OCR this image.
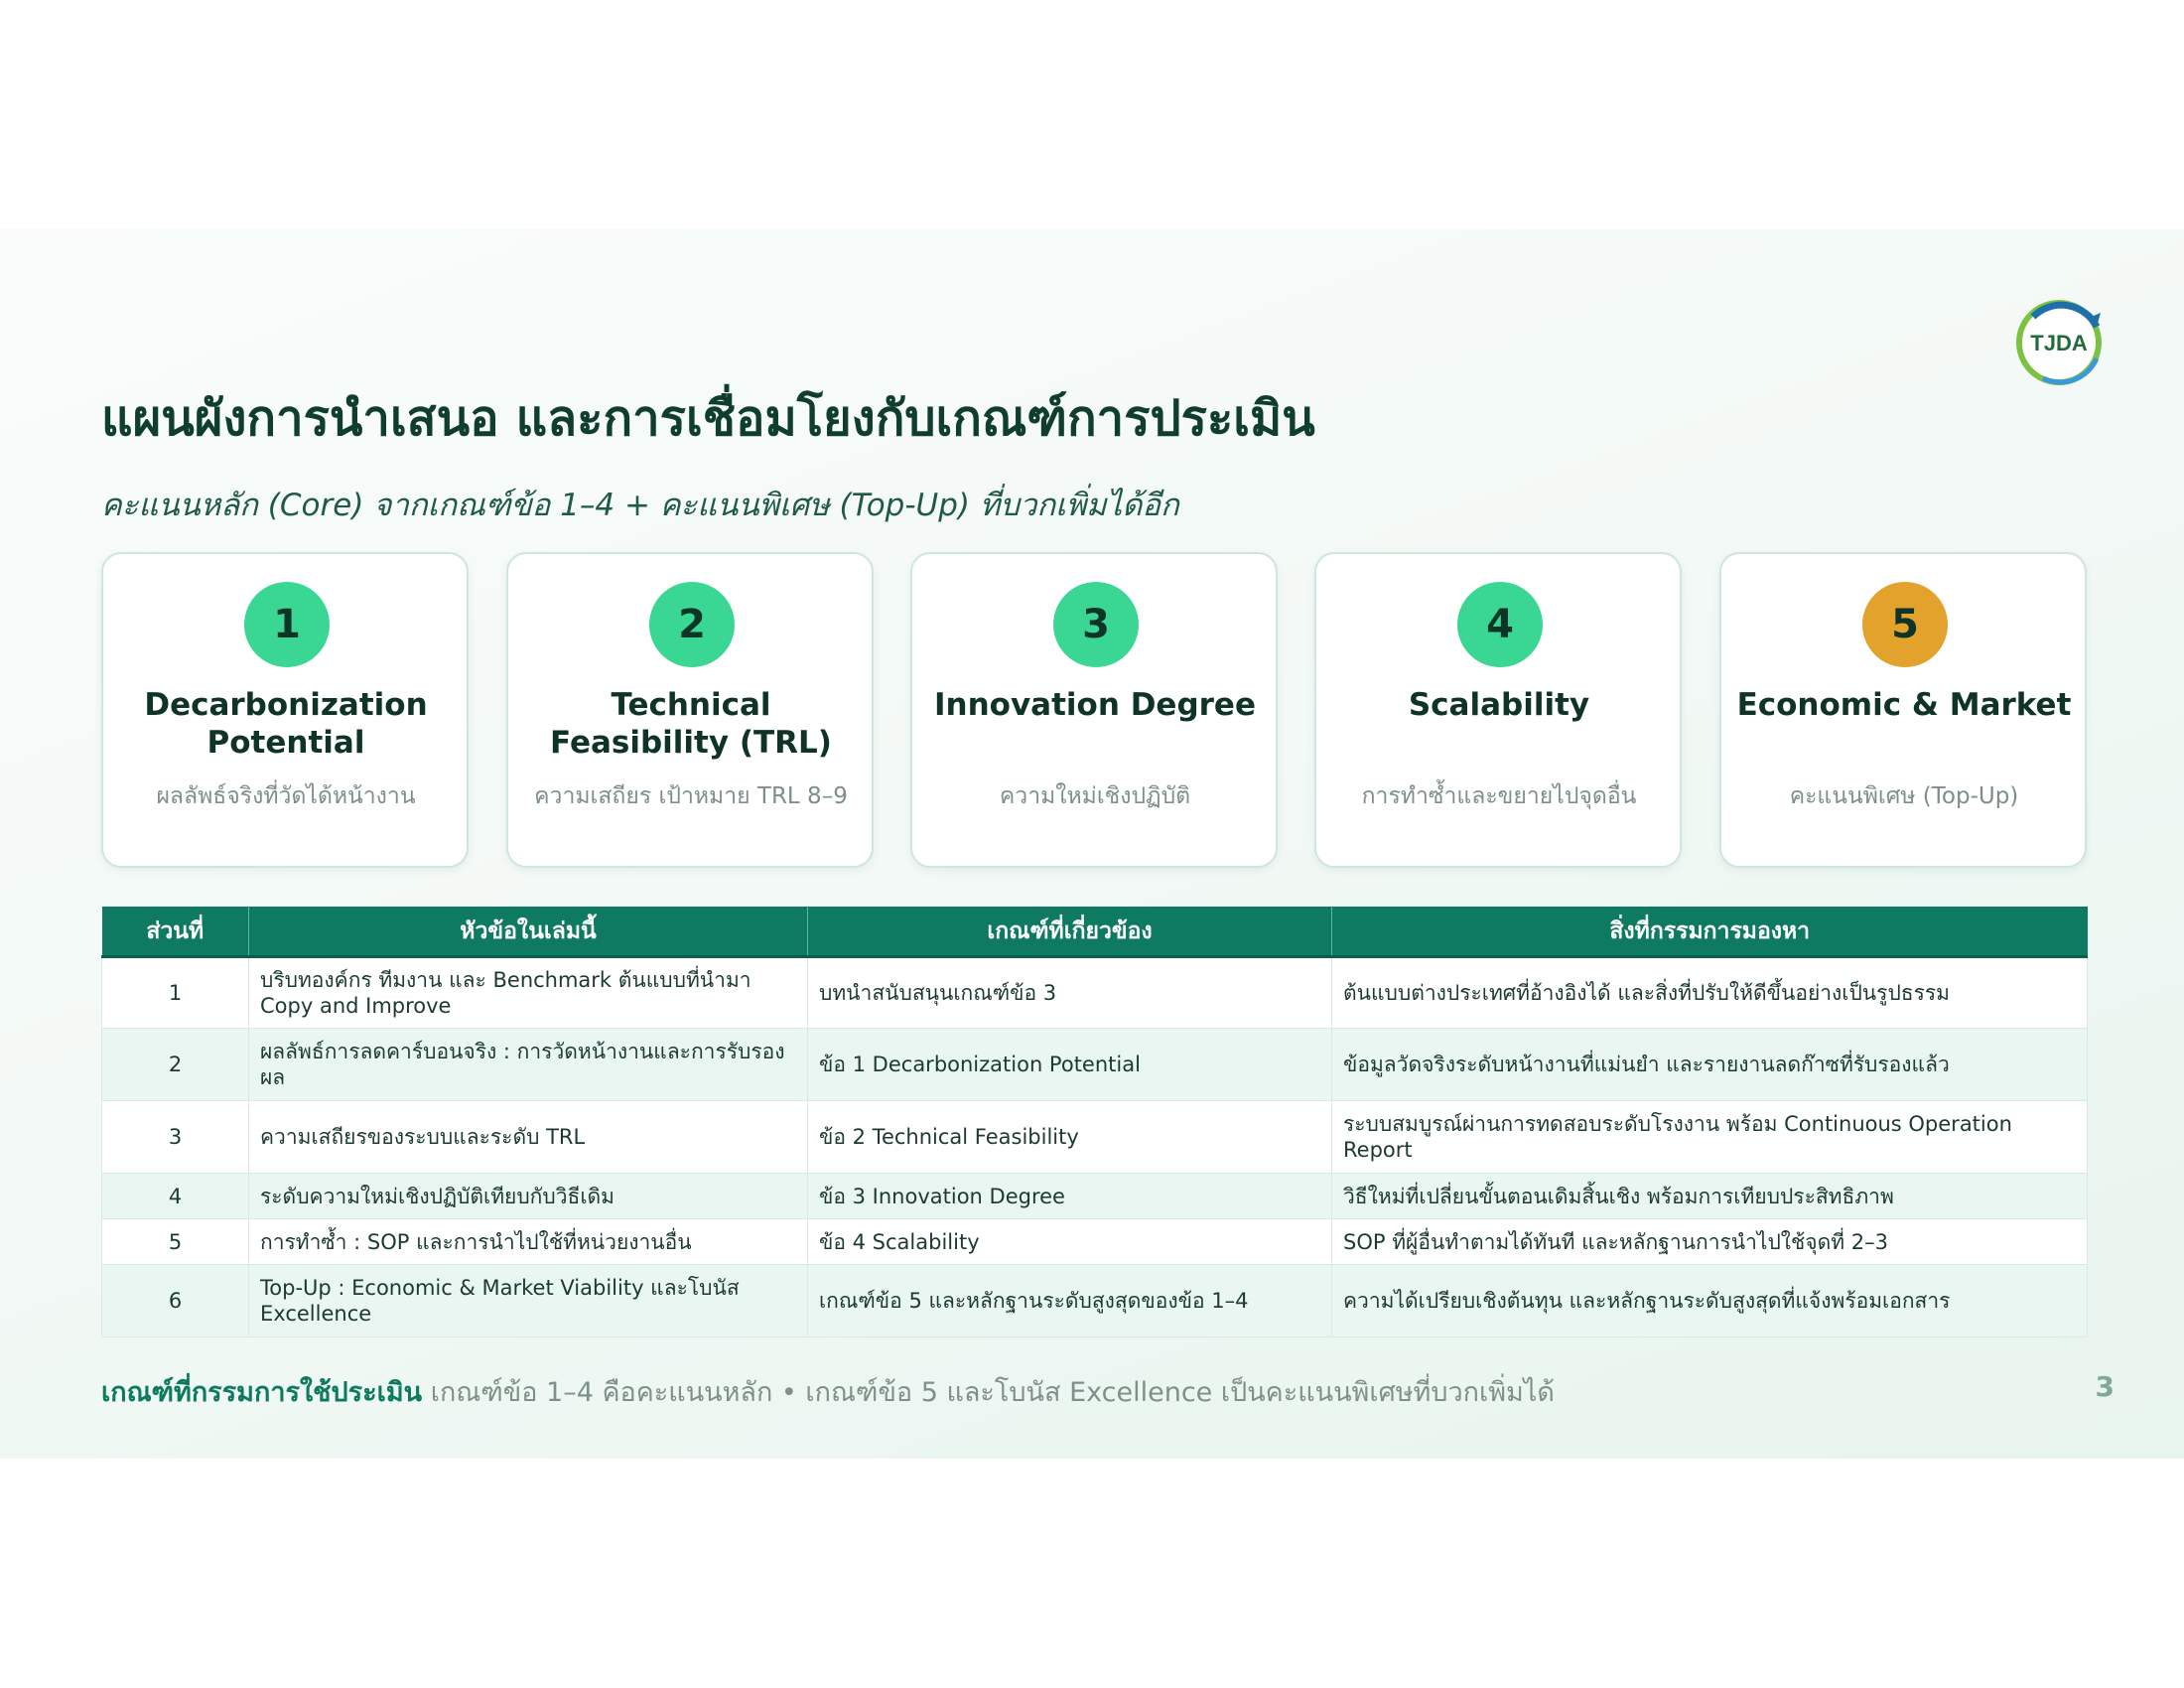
TJDA
แผนผังการนำเสนอ และการเชื่อมโยงกับเกณฑ์การประเมิน
คะแนนหลัก (Core) จากเกณฑ์ข้อ 1–4 + คะแนนพิเศษ (Top-Up) ที่บวกเพิ่มได้อีก
1
Decarbonization Potential
ผลลัพธ์จริงที่วัดได้หน้างาน
2
Technical Feasibility (TRL)
ความเสถียร เป้าหมาย TRL 8–9
3
Innovation Degree
ความใหม่เชิงปฏิบัติ
4
Scalability
การทำซ้ำและขยายไปจุดอื่น
5
Economic & Market
คะแนนพิเศษ (Top-Up)
ส่วนที่	หัวข้อในเล่มนี้	เกณฑ์ที่เกี่ยวข้อง	สิ่งที่กรรมการมองหา
1	บริบทองค์กร ทีมงาน และ Benchmark ต้นแบบที่นำมา Copy and Improve	บทนำสนับสนุนเกณฑ์ข้อ 3	ต้นแบบต่างประเทศที่อ้างอิงได้ และสิ่งที่ปรับให้ดีขึ้นอย่างเป็นรูปธรรม
2	ผลลัพธ์การลดคาร์บอนจริง : การวัดหน้างานและการรับรองผล	ข้อ 1 Decarbonization Potential	ข้อมูลวัดจริงระดับหน้างานที่แม่นยำ และรายงานลดก๊าซที่รับรองแล้ว
3	ความเสถียรของระบบและระดับ TRL	ข้อ 2 Technical Feasibility	ระบบสมบูรณ์ผ่านการทดสอบระดับโรงงาน พร้อม Continuous Operation Report
4	ระดับความใหม่เชิงปฏิบัติเทียบกับวิธีเดิม	ข้อ 3 Innovation Degree	วิธีใหม่ที่เปลี่ยนขั้นตอนเดิมสิ้นเชิง พร้อมการเทียบประสิทธิภาพ
5	การทำซ้ำ : SOP และการนำไปใช้ที่หน่วยงานอื่น	ข้อ 4 Scalability	SOP ที่ผู้อื่นทำตามได้ทันที และหลักฐานการนำไปใช้จุดที่ 2–3
6	Top-Up : Economic & Market Viability และโบนัส Excellence	เกณฑ์ข้อ 5 และหลักฐานระดับสูงสุดของข้อ 1–4	ความได้เปรียบเชิงต้นทุน และหลักฐานระดับสูงสุดที่แจ้งพร้อมเอกสาร
เกณฑ์ที่กรรมการใช้ประเมิน เกณฑ์ข้อ 1–4 คือคะแนนหลัก • เกณฑ์ข้อ 5 และโบนัส Excellence เป็นคะแนนพิเศษที่บวกเพิ่มได้	3
